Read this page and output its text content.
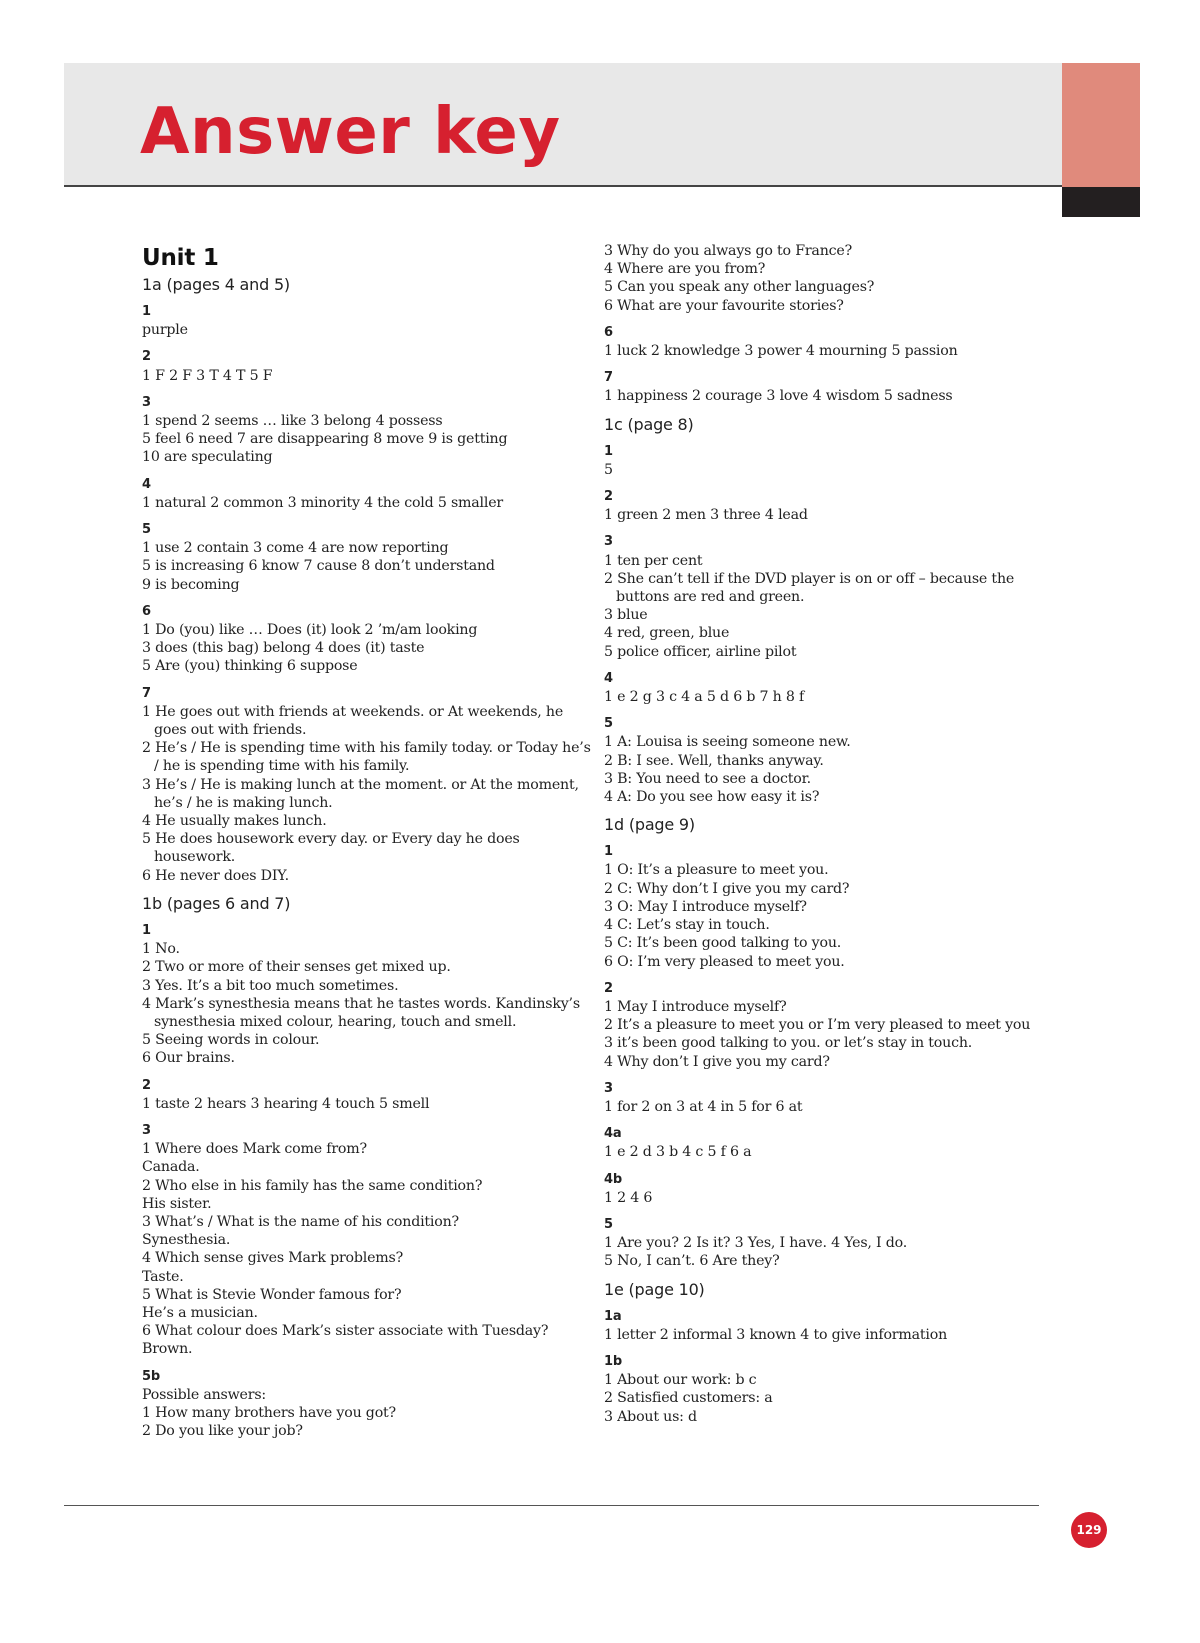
Answer key
Unit 1
1a (pages 4 and 5)
1
purple
2
1 F 2 F 3 T 4 T 5 F
3
1 spend 2 seems … like 3 belong 4 possess
5 feel 6 need 7 are disappearing 8 move 9 is getting
10 are speculating
4
1 natural 2 common 3 minority 4 the cold 5 smaller
5
1 use 2 contain 3 come 4 are now reporting
5 is increasing 6 know 7 cause 8 don’t understand
9 is becoming
6
1 Do (you) like … Does (it) look 2 ’m/am looking
3 does (this bag) belong 4 does (it) taste
5 Are (you) thinking 6 suppose
7
1 He goes out with friends at weekends. or At weekends, he goes out with friends.
2 He’s / He is spending time with his family today. or Today he’s / he is spending time with his family.
3 He’s / He is making lunch at the moment. or At the moment, he’s / he is making lunch.
4 He usually makes lunch.
5 He does housework every day. or Every day he does housework.
6 He never does DIY.
1b (pages 6 and 7)
1
1 No.
2 Two or more of their senses get mixed up.
3 Yes. It’s a bit too much sometimes.
4 Mark’s synesthesia means that he tastes words. Kandinsky’s synesthesia mixed colour, hearing, touch and smell.
5 Seeing words in colour.
6 Our brains.
2
1 taste 2 hears 3 hearing 4 touch 5 smell
3
1 Where does Mark come from?
Canada.
2 Who else in his family has the same condition?
His sister.
3 What’s / What is the name of his condition?
Synesthesia.
4 Which sense gives Mark problems?
Taste.
5 What is Stevie Wonder famous for?
He’s a musician.
6 What colour does Mark’s sister associate with Tuesday?
Brown.
5b
Possible answers:
1 How many brothers have you got?
2 Do you like your job?
3 Why do you always go to France?
4 Where are you from?
5 Can you speak any other languages?
6 What are your favourite stories?
6
1 luck 2 knowledge 3 power 4 mourning 5 passion
7
1 happiness 2 courage 3 love 4 wisdom 5 sadness
1c (page 8)
1
5
2
1 green 2 men 3 three 4 lead
3
1 ten per cent
2 She can’t tell if the DVD player is on or off – because the buttons are red and green.
3 blue
4 red, green, blue
5 police officer, airline pilot
4
1 e 2 g 3 c 4 a 5 d 6 b 7 h 8 f
5
1 A: Louisa is seeing someone new.
2 B: I see. Well, thanks anyway.
3 B: You need to see a doctor.
4 A: Do you see how easy it is?
1d (page 9)
1
1 O: It’s a pleasure to meet you.
2 C: Why don’t I give you my card?
3 O: May I introduce myself?
4 C: Let’s stay in touch.
5 C: It’s been good talking to you.
6 O: I’m very pleased to meet you.
2
1 May I introduce myself?
2 It’s a pleasure to meet you or I’m very pleased to meet you
3 it’s been good talking to you. or let’s stay in touch.
4 Why don’t I give you my card?
3
1 for 2 on 3 at 4 in 5 for 6 at
4a
1 e 2 d 3 b 4 c 5 f 6 a
4b
1 2 4 6
5
1 Are you? 2 Is it? 3 Yes, I have. 4 Yes, I do.
5 No, I can’t. 6 Are they?
1e (page 10)
1a
1 letter 2 informal 3 known 4 to give information
1b
1 About our work: b c
2 Satisfied customers: a
3 About us: d
129
